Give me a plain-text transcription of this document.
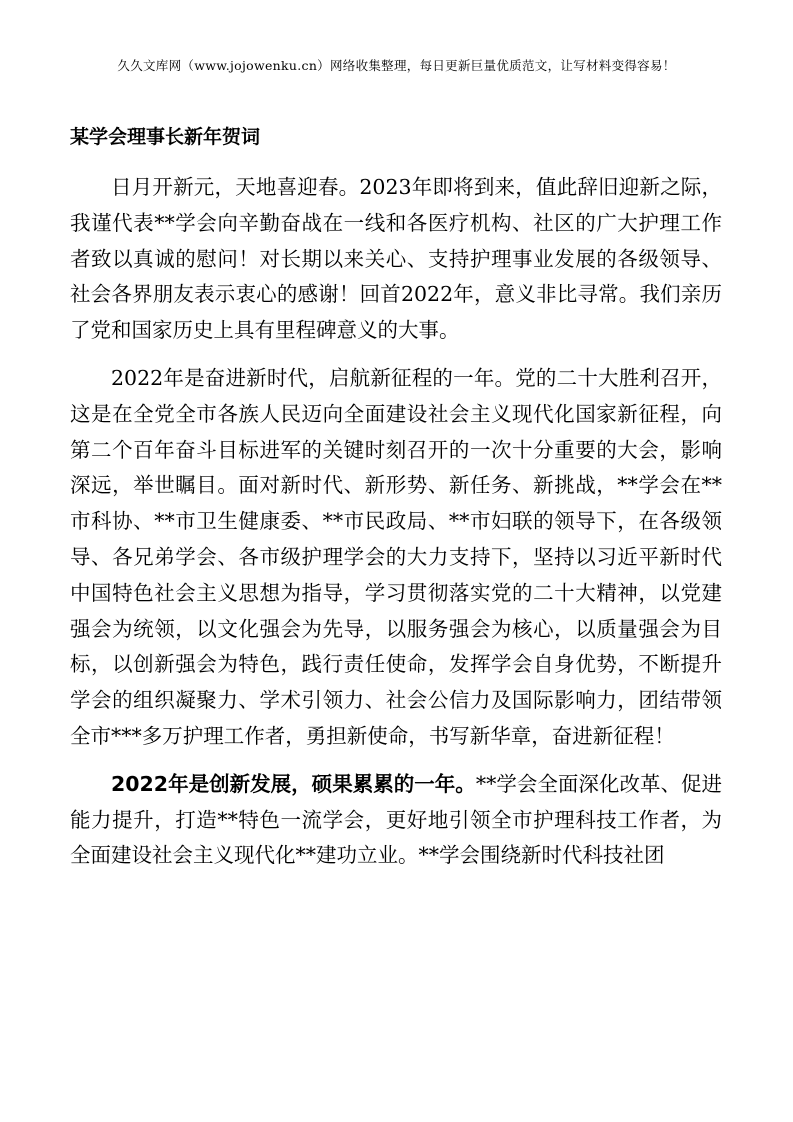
久久文库网（www.jojowenku.cn）网络收集整理，每日更新巨量优质范文，让写材料变得容易！
某学会理事长新年贺词

日月开新元，天地喜迎春。2023年即将到来，值此辞旧迎新之际，我谨代表**学会向辛勤奋战在一线和各医疗机构、社区的广大护理工作者致以真诚的慰问！对长期以来关心、支持护理事业发展的各级领导、社会各界朋友表示衷心的感谢！回首2022年，意义非比寻常。我们亲历了党和国家历史上具有里程碑意义的大事。

2022年是奋进新时代，启航新征程的一年。党的二十大胜利召开，这是在全党全市各族人民迈向全面建设社会主义现代化国家新征程，向第二个百年奋斗目标进军的关键时刻召开的一次十分重要的大会，影响深远，举世瞩目。面对新时代、新形势、新任务、新挑战，**学会在**市科协、**市卫生健康委、**市民政局、**市妇联的领导下，在各级领导、各兄弟学会、各市级护理学会的大力支持下，坚持以习近平新时代中国特色社会主义思想为指导，学习贯彻落实党的二十大精神，以党建强会为统领，以文化强会为先导，以服务强会为核心，以质量强会为目标，以创新强会为特色，践行责任使命，发挥学会自身优势，不断提升学会的组织凝聚力、学术引领力、社会公信力及国际影响力，团结带领全市***多万护理工作者，勇担新使命，书写新华章，奋进新征程！

2022年是创新发展，硕果累累的一年。**学会全面深化改革、促进能力提升，打造**特色一流学会，更好地引领全市护理科技工作者，为全面建设社会主义现代化**建功立业。**学会围绕新时代科技社团
